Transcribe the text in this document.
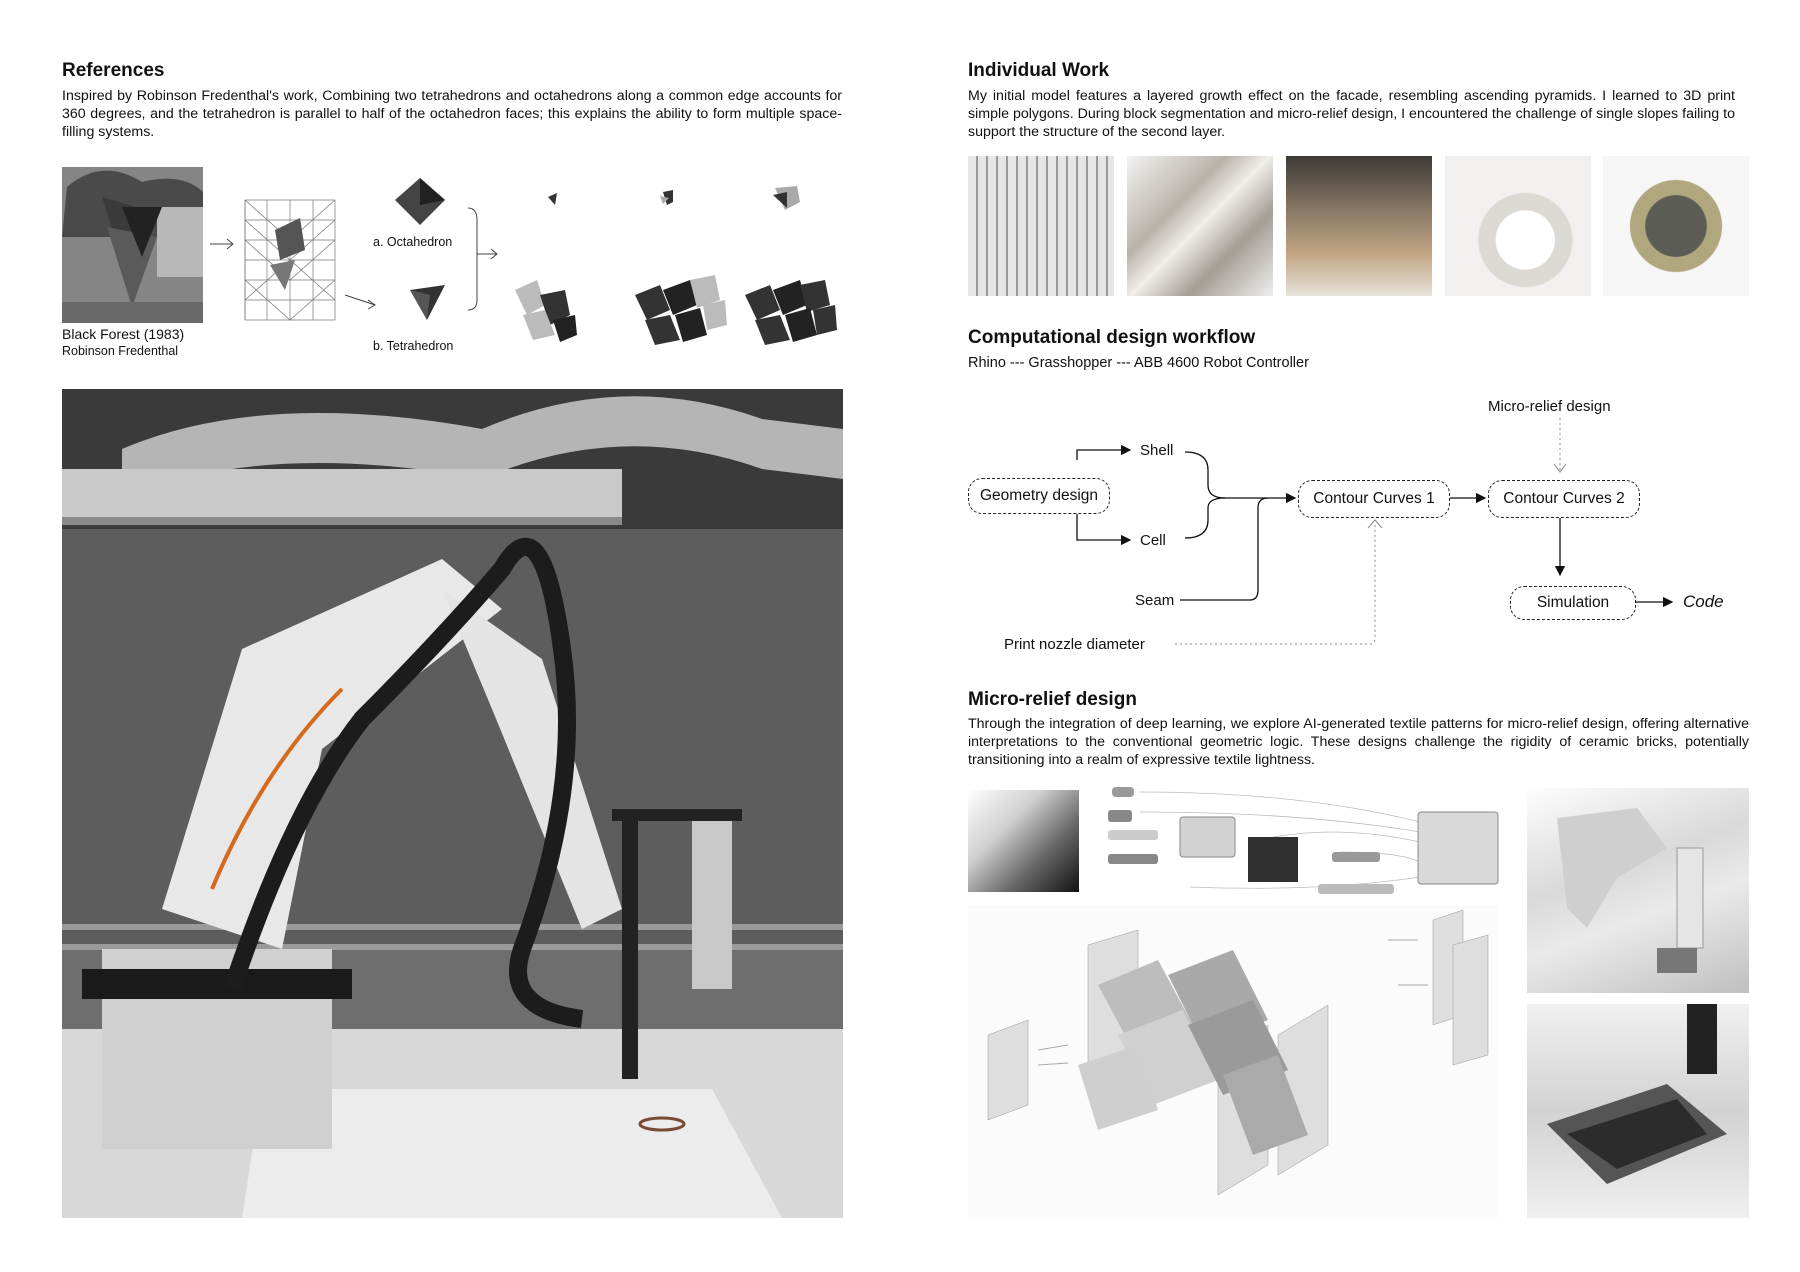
References

Inspired by Robinson Fredenthal's work, Combining two tetrahedrons and octahedrons along a common edge accounts for 360 degrees, and the tetrahedron is parallel to half of the octahedron faces; this explains the ability to form multiple space-filling systems.

Black Forest (1983)
Robinson Fredenthal
a. Octahedron
b. Tetrahedron
Individual Work

My initial model features a layered growth effect on the facade, resembling ascending pyramids. I learned to 3D print simple polygons. During block segmentation and micro-relief design, I encountered the challenge of single slopes failing to support the structure of the second layer.

Computational design workflow
Rhino --- Grasshopper --- ABB 4600 Robot Controller
Geometry design
Shell
Cell
Seam
Print nozzle diameter
Contour Curves 1	Contour Curves 2
Micro-relief design
Simulation	Code
Micro-relief design

Through the integration of deep learning, we explore AI-generated textile patterns for micro-relief design, offering alternative interpretations to the conventional geometric logic. These designs challenge the rigidity of ceramic bricks, potentially transitioning into a realm of expressive textile lightness.
